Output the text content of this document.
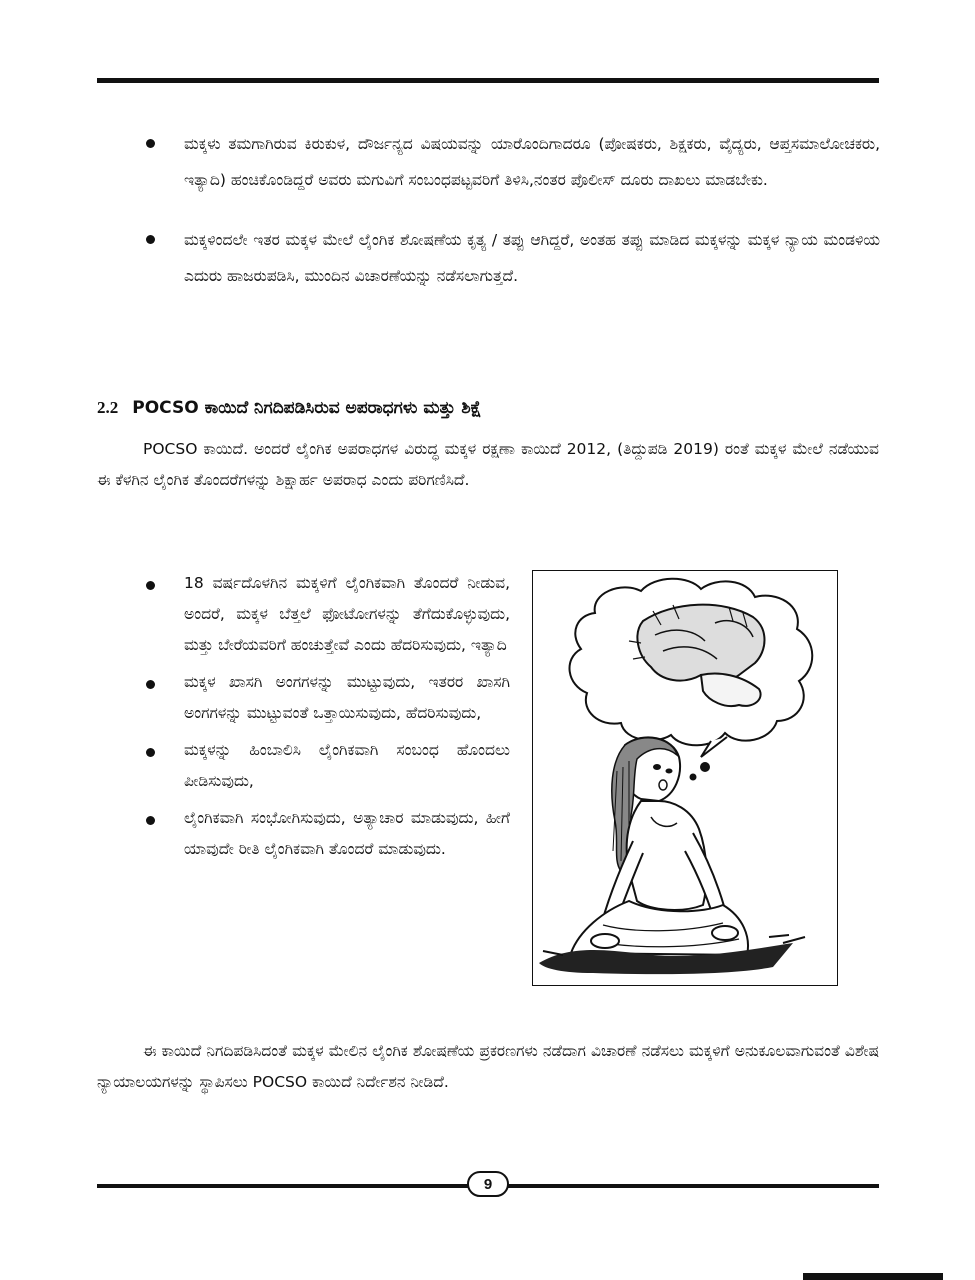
ಮಕ್ಕಳು ತಮಗಾಗಿರುವ ಕಿರುಕುಳ, ದೌರ್ಜನ್ಯದ ವಿಷಯವನ್ನು ಯಾರೊಂದಿಗಾದರೂ (ಪೋಷಕರು, ಶಿಕ್ಷಕರು, ವೈದ್ಯರು, ಆಪ್ತಸಮಾಲೋಚಕರು, ಇತ್ಯಾದಿ) ಹಂಚಿಕೊಂಡಿದ್ದರೆ ಅವರು ಮಗುವಿಗೆ ಸಂಬಂಧಪಟ್ಟವರಿಗೆ ತಿಳಿಸಿ,ನಂತರ ಪೊಲೀಸ್ ದೂರು ದಾಖಲು ಮಾಡಬೇಕು.
ಮಕ್ಕಳಿಂದಲೇ ಇತರ ಮಕ್ಕಳ ಮೇಲೆ ಲೈಂಗಿಕ ಶೋಷಣೆಯ ಕೃತ್ಯ / ತಪ್ಪು ಆಗಿದ್ದರೆ, ಅಂತಹ ತಪ್ಪು ಮಾಡಿದ ಮಕ್ಕಳನ್ನು ಮಕ್ಕಳ ನ್ಯಾಯ ಮಂಡಳಿಯ ಎದುರು ಹಾಜರುಪಡಿಸಿ, ಮುಂದಿನ ವಿಚಾರಣೆಯನ್ನು ನಡೆಸಲಾಗುತ್ತದೆ.
2.2 POCSO ಕಾಯಿದೆ ನಿಗದಿಪಡಿಸಿರುವ ಅಪರಾಧಗಳು ಮತ್ತು ಶಿಕ್ಷೆ

POCSO ಕಾಯಿದೆ. ಅಂದರೆ ಲೈಂಗಿಕ ಅಪರಾಧಗಳ ವಿರುದ್ಧ ಮಕ್ಕಳ ರಕ್ಷಣಾ ಕಾಯಿದೆ 2012, (ತಿದ್ದುಪಡಿ 2019) ರಂತೆ ಮಕ್ಕಳ ಮೇಲೆ ನಡೆಯುವ ಈ ಕೆಳಗಿನ ಲೈಂಗಿಕ ತೊಂದರೆಗಳನ್ನು ಶಿಕ್ಷಾರ್ಹ ಅಪರಾಧ ಎಂದು ಪರಿಗಣಿಸಿದೆ.

18 ವರ್ಷದೊಳಗಿನ ಮಕ್ಕಳಿಗೆ ಲೈಂಗಿಕವಾಗಿ ತೊಂದರೆ ನೀಡುವ, ಅಂದರೆ, ಮಕ್ಕಳ ಬೆತ್ತಲೆ ಫೋಟೋಗಳನ್ನು ತೆಗೆದುಕೊಳ್ಳುವುದು, ಮತ್ತು ಬೇರೆಯವರಿಗೆ ಹಂಚುತ್ತೇವೆ ಎಂದು ಹೆದರಿಸುವುದು, ಇತ್ಯಾದಿ
ಮಕ್ಕಳ ಖಾಸಗಿ ಅಂಗಗಳನ್ನು ಮುಟ್ಟುವುದು, ಇತರರ ಖಾಸಗಿ ಅಂಗಗಳನ್ನು ಮುಟ್ಟುವಂತೆ ಒತ್ತಾಯಿಸುವುದು, ಹೆದರಿಸುವುದು,
ಮಕ್ಕಳನ್ನು ಹಿಂಬಾಲಿಸಿ ಲೈಂಗಿಕವಾಗಿ ಸಂಬಂಧ ಹೊಂದಲು ಪೀಡಿಸುವುದು,
ಲೈಂಗಿಕವಾಗಿ ಸಂಭೋಗಿಸುವುದು, ಅತ್ಯಾಚಾರ ಮಾಡುವುದು, ಹೀಗೆ ಯಾವುದೇ ರೀತಿ ಲೈಂಗಿಕವಾಗಿ ತೊಂದರೆ ಮಾಡುವುದು.

ಈ ಕಾಯಿದೆ ನಿಗದಿಪಡಿಸಿದಂತೆ ಮಕ್ಕಳ ಮೇಲಿನ ಲೈಂಗಿಕ ಶೋಷಣೆಯ ಪ್ರಕರಣಗಳು ನಡೆದಾಗ ವಿಚಾರಣೆ ನಡೆಸಲು ಮಕ್ಕಳಿಗೆ ಅನುಕೂಲವಾಗುವಂತೆ ವಿಶೇಷ ನ್ಯಾಯಾಲಯಗಳನ್ನು ಸ್ಥಾಪಿಸಲು POCSO ಕಾಯಿದೆ ನಿರ್ದೇಶನ ನೀಡಿದೆ.

9
